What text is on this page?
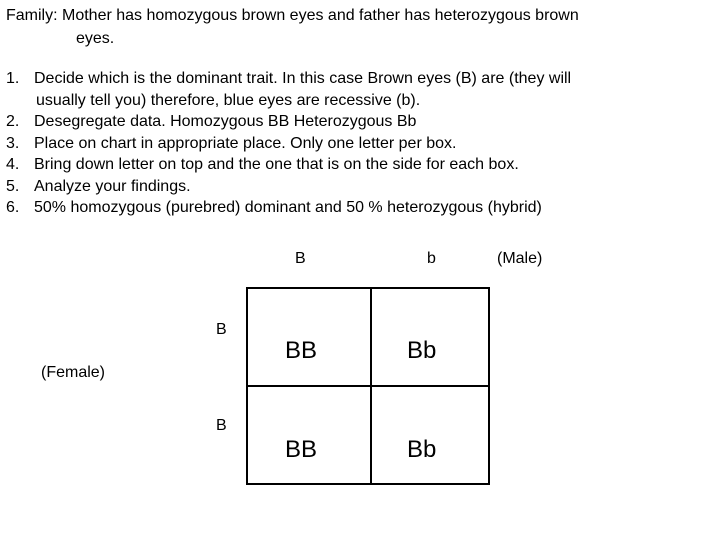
Family: Mother has homozygous brown eyes and father has heterozygous brown
eyes.
1. Decide which is the dominant trait. In this case Brown eyes (B) are (they will
usually tell you) therefore, blue eyes are recessive (b).
2. Desegregate data. Homozygous BB Heterozygous Bb
3. Place on chart in appropriate place. Only one letter per box.
4. Bring down letter on top and the one that is on the side for each box.
5. Analyze your findings.
6. 50% homozygous (purebred) dominant and 50 % heterozygous (hybrid)
B	b	(Male)
B
(Female)
B
BB	Bb
BB	Bb
